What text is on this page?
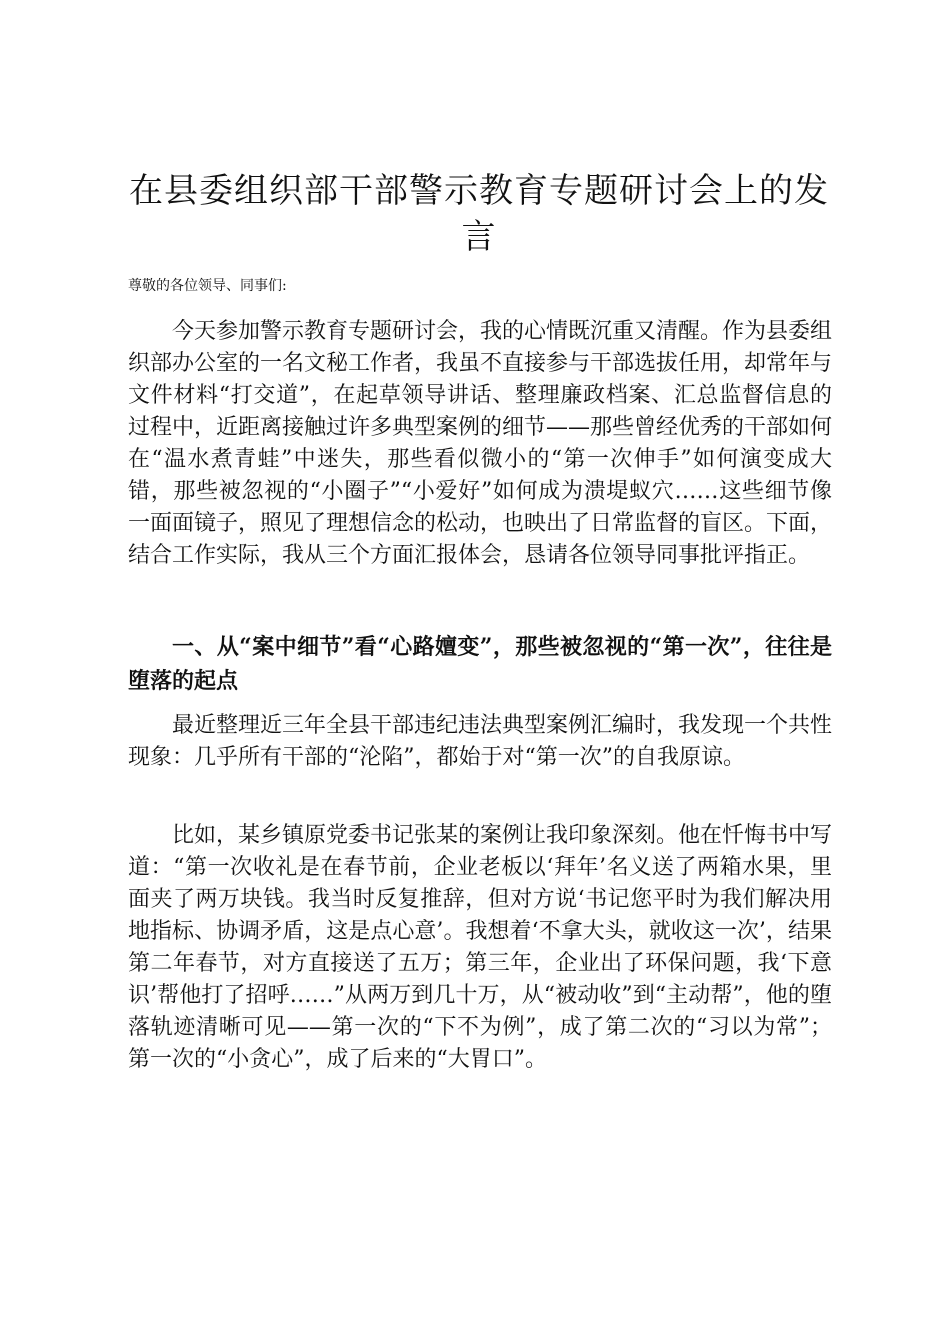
在县委组织部干部警示教育专题研讨会上的发言

尊敬的各位领导、同事们:

今天参加警示教育专题研讨会，我的心情既沉重又清醒。作为县委组织部办公室的一名文秘工作者，我虽不直接参与干部选拔任用，却常年与文件材料“打交道”，在起草领导讲话、整理廉政档案、汇总监督信息的过程中，近距离接触过许多典型案例的细节——那些曾经优秀的干部如何在“温水煮青蛙”中迷失，那些看似微小的“第一次伸手”如何演变成大错，那些被忽视的“小圈子”“小爱好”如何成为溃堤蚁穴……这些细节像一面面镜子，照见了理想信念的松动，也映出了日常监督的盲区。下面，结合工作实际，我从三个方面汇报体会，恳请各位领导同事批评指正。

一、从“案中细节”看“心路嬗变”，那些被忽视的“第一次”，往往是堕落的起点

最近整理近三年全县干部违纪违法典型案例汇编时，我发现一个共性现象：几乎所有干部的“沦陷”，都始于对“第一次”的自我原谅。

比如，某乡镇原党委书记张某的案例让我印象深刻。他在忏悔书中写道：“第一次收礼是在春节前，企业老板以‘拜年’名义送了两箱水果，里面夹了两万块钱。我当时反复推辞，但对方说‘书记您平时为我们解决用地指标、协调矛盾，这是点心意’。我想着‘不拿大头，就收这一次’，结果第二年春节，对方直接送了五万；第三年，企业出了环保问题，我‘下意识’帮他打了招呼……”从两万到几十万，从“被动收”到“主动帮”，他的堕落轨迹清晰可见——第一次的“下不为例”，成了第二次的“习以为常”；第一次的“小贪心”，成了后来的“大胃口”。
